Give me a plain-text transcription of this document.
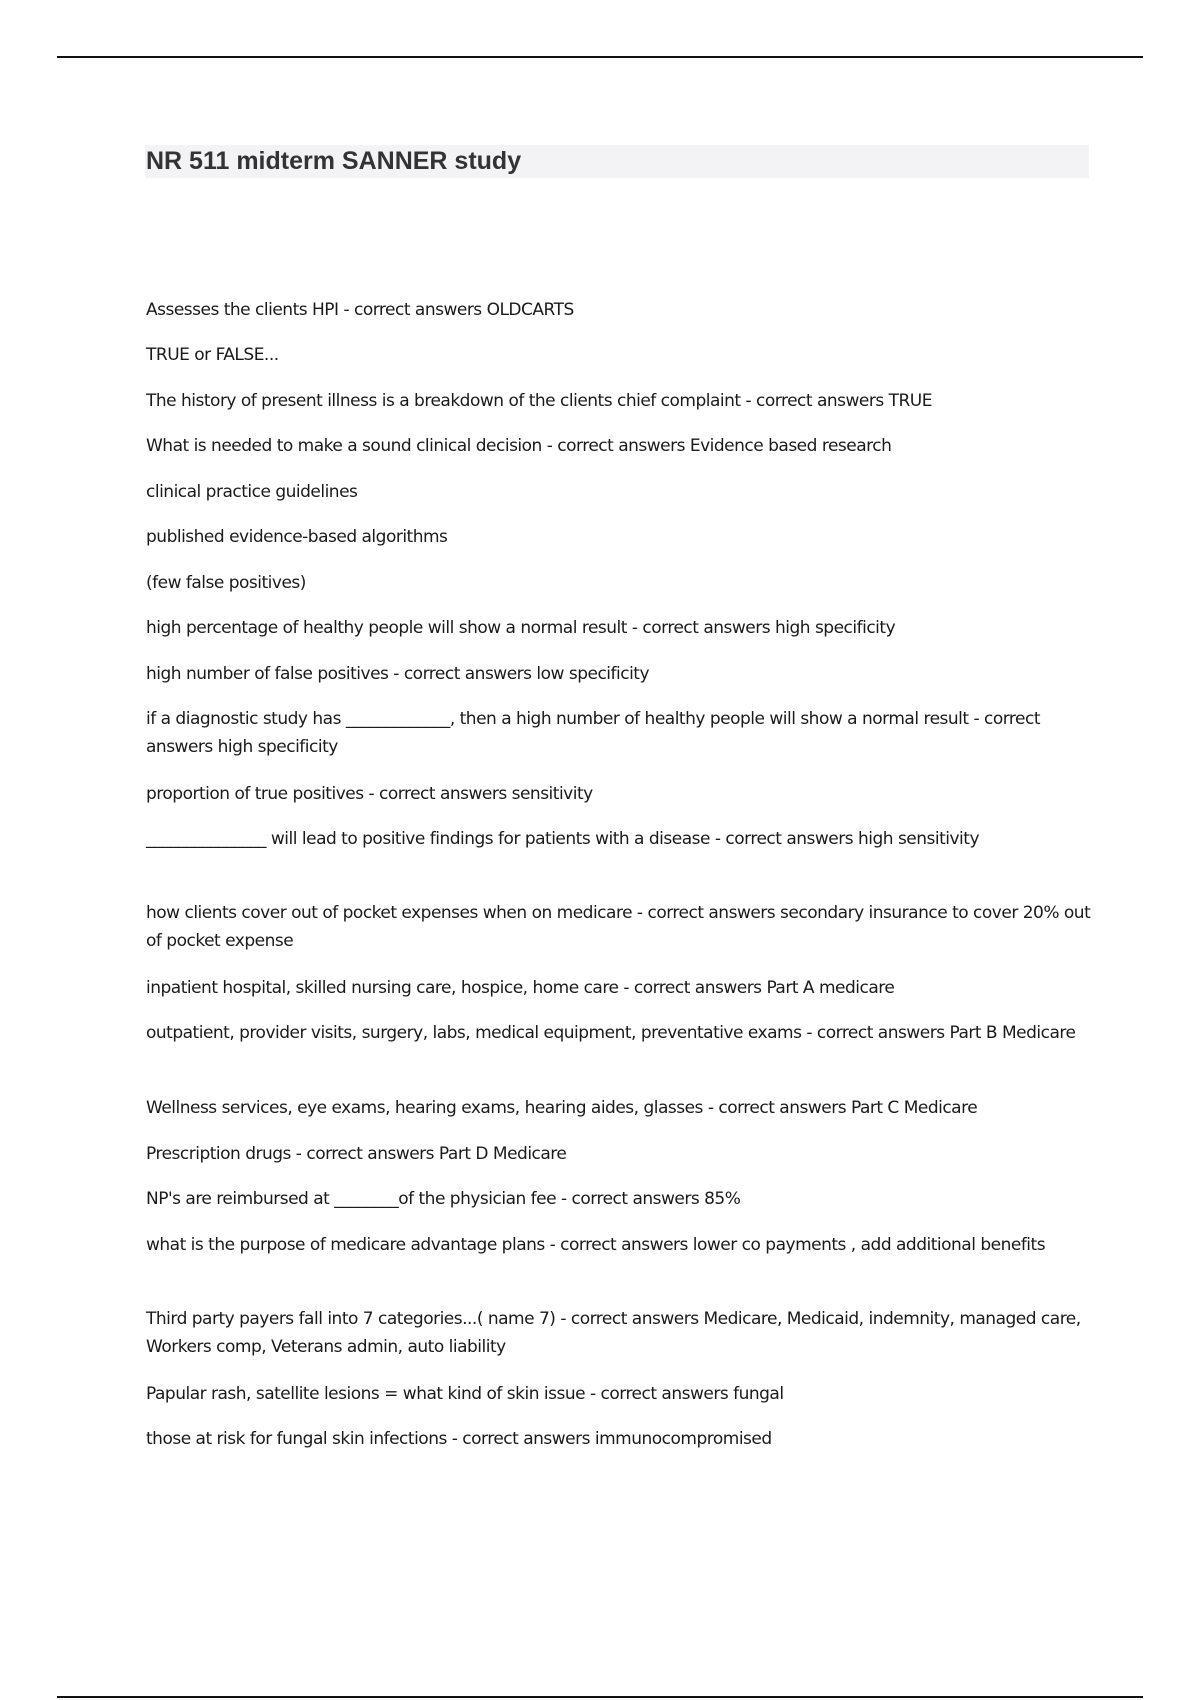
NR 511 midterm SANNER study

Assesses the clients HPI - correct answers OLDCARTS

TRUE or FALSE...

The history of present illness is a breakdown of the clients chief complaint - correct answers TRUE

What is needed to make a sound clinical decision - correct answers Evidence based research

clinical practice guidelines

published evidence-based algorithms

(few false positives)

high percentage of healthy people will show a normal result - correct answers high specificity

high number of false positives - correct answers low specificity

if a diagnostic study has _____________, then a high number of healthy people will show a normal result - correct answers high specificity

proportion of true positives - correct answers sensitivity

_______________ will lead to positive findings for patients with a disease - correct answers high sensitivity

how clients cover out of pocket expenses when on medicare - correct answers secondary insurance to cover 20% out of pocket expense

inpatient hospital, skilled nursing care, hospice, home care - correct answers Part A medicare

outpatient, provider visits, surgery, labs, medical equipment, preventative exams - correct answers Part B Medicare

Wellness services, eye exams, hearing exams, hearing aides, glasses - correct answers Part C Medicare

Prescription drugs - correct answers Part D Medicare

NP's are reimbursed at ________of the physician fee - correct answers 85%

what is the purpose of medicare advantage plans - correct answers lower co payments , add additional benefits

Third party payers fall into 7 categories...( name 7) - correct answers Medicare, Medicaid, indemnity, managed care, Workers comp, Veterans admin, auto liability

Papular rash, satellite lesions = what kind of skin issue - correct answers fungal

those at risk for fungal skin infections - correct answers immunocompromised
